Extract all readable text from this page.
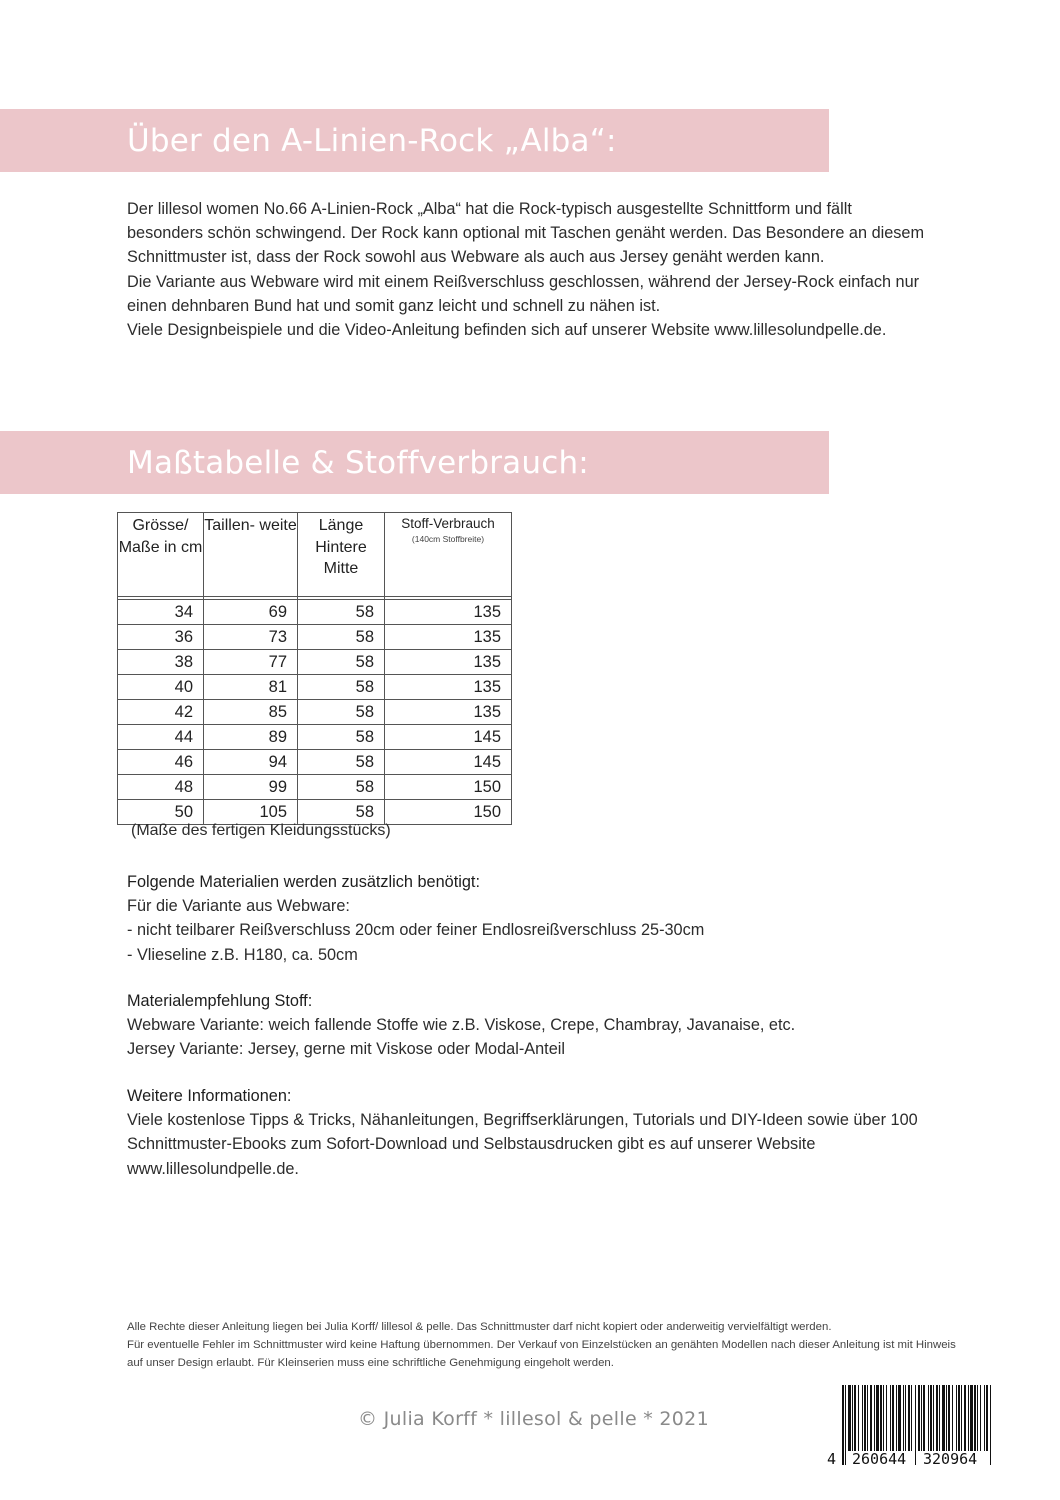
Über den A-Linien-Rock „Alba“:

Der lillesol women No.66 A-Linien-Rock „Alba“ hat die Rock-typisch ausgestellte Schnittform und fällt besonders schön schwingend. Der Rock kann optional mit Taschen genäht werden. Das Besondere an diesem Schnittmuster ist, dass der Rock sowohl aus Webware als auch aus Jersey genäht werden kann.

Die Variante aus Webware wird mit einem Reißverschluss geschlossen, während der Jersey-Rock einfach nur einen dehnbaren Bund hat und somit ganz leicht und schnell zu nähen ist.

Viele Designbeispiele und die Video-Anleitung befinden sich auf unserer Website www.lillesolundpelle.de.

Maßtabelle & Stoffverbrauch:
Grösse/ Maße in cm	Taillen- weite	Länge Hintere Mitte	Stoff-Verbrauch
(140cm Stoffbreite)

34	69	58	135
36	73	58	135
38	77	58	135
40	81	58	135
42	85	58	135
44	89	58	145
46	94	58	145
48	99	58	150
50	105	58	150
(Maße des fertigen Kleidungsstücks)

Folgende Materialien werden zusätzlich benötigt:

Für die Variante aus Webware:

- nicht teilbarer Reißverschluss 20cm oder feiner Endlosreißverschluss 25-30cm

- Vlieseline z.B. H180, ca. 50cm

Materialempfehlung Stoff:

Webware Variante: weich fallende Stoffe wie z.B. Viskose, Crepe, Chambray, Javanaise, etc.

Jersey Variante: Jersey, gerne mit Viskose oder Modal-Anteil

Weitere Informationen:

Viele kostenlose Tipps & Tricks, Nähanleitungen, Begriffserklärungen, Tutorials und DIY-Ideen sowie über 100 Schnittmuster-Ebooks zum Sofort-Download und Selbstausdrucken gibt es auf unserer Website www.lillesolundpelle.de.

Alle Rechte dieser Anleitung liegen bei Julia Korff/ lillesol & pelle. Das Schnittmuster darf nicht kopiert oder anderweitig vervielfältigt werden.

Für eventuelle Fehler im Schnittmuster wird keine Haftung übernommen. Der Verkauf von Einzelstücken an genähten Modellen nach dieser Anleitung ist mit Hinweis auf unser Design erlaubt. Für Kleinserien muss eine schriftliche Genehmigung eingeholt werden.

© Julia Korff * lillesol & pelle * 2021
4 260644 320964
